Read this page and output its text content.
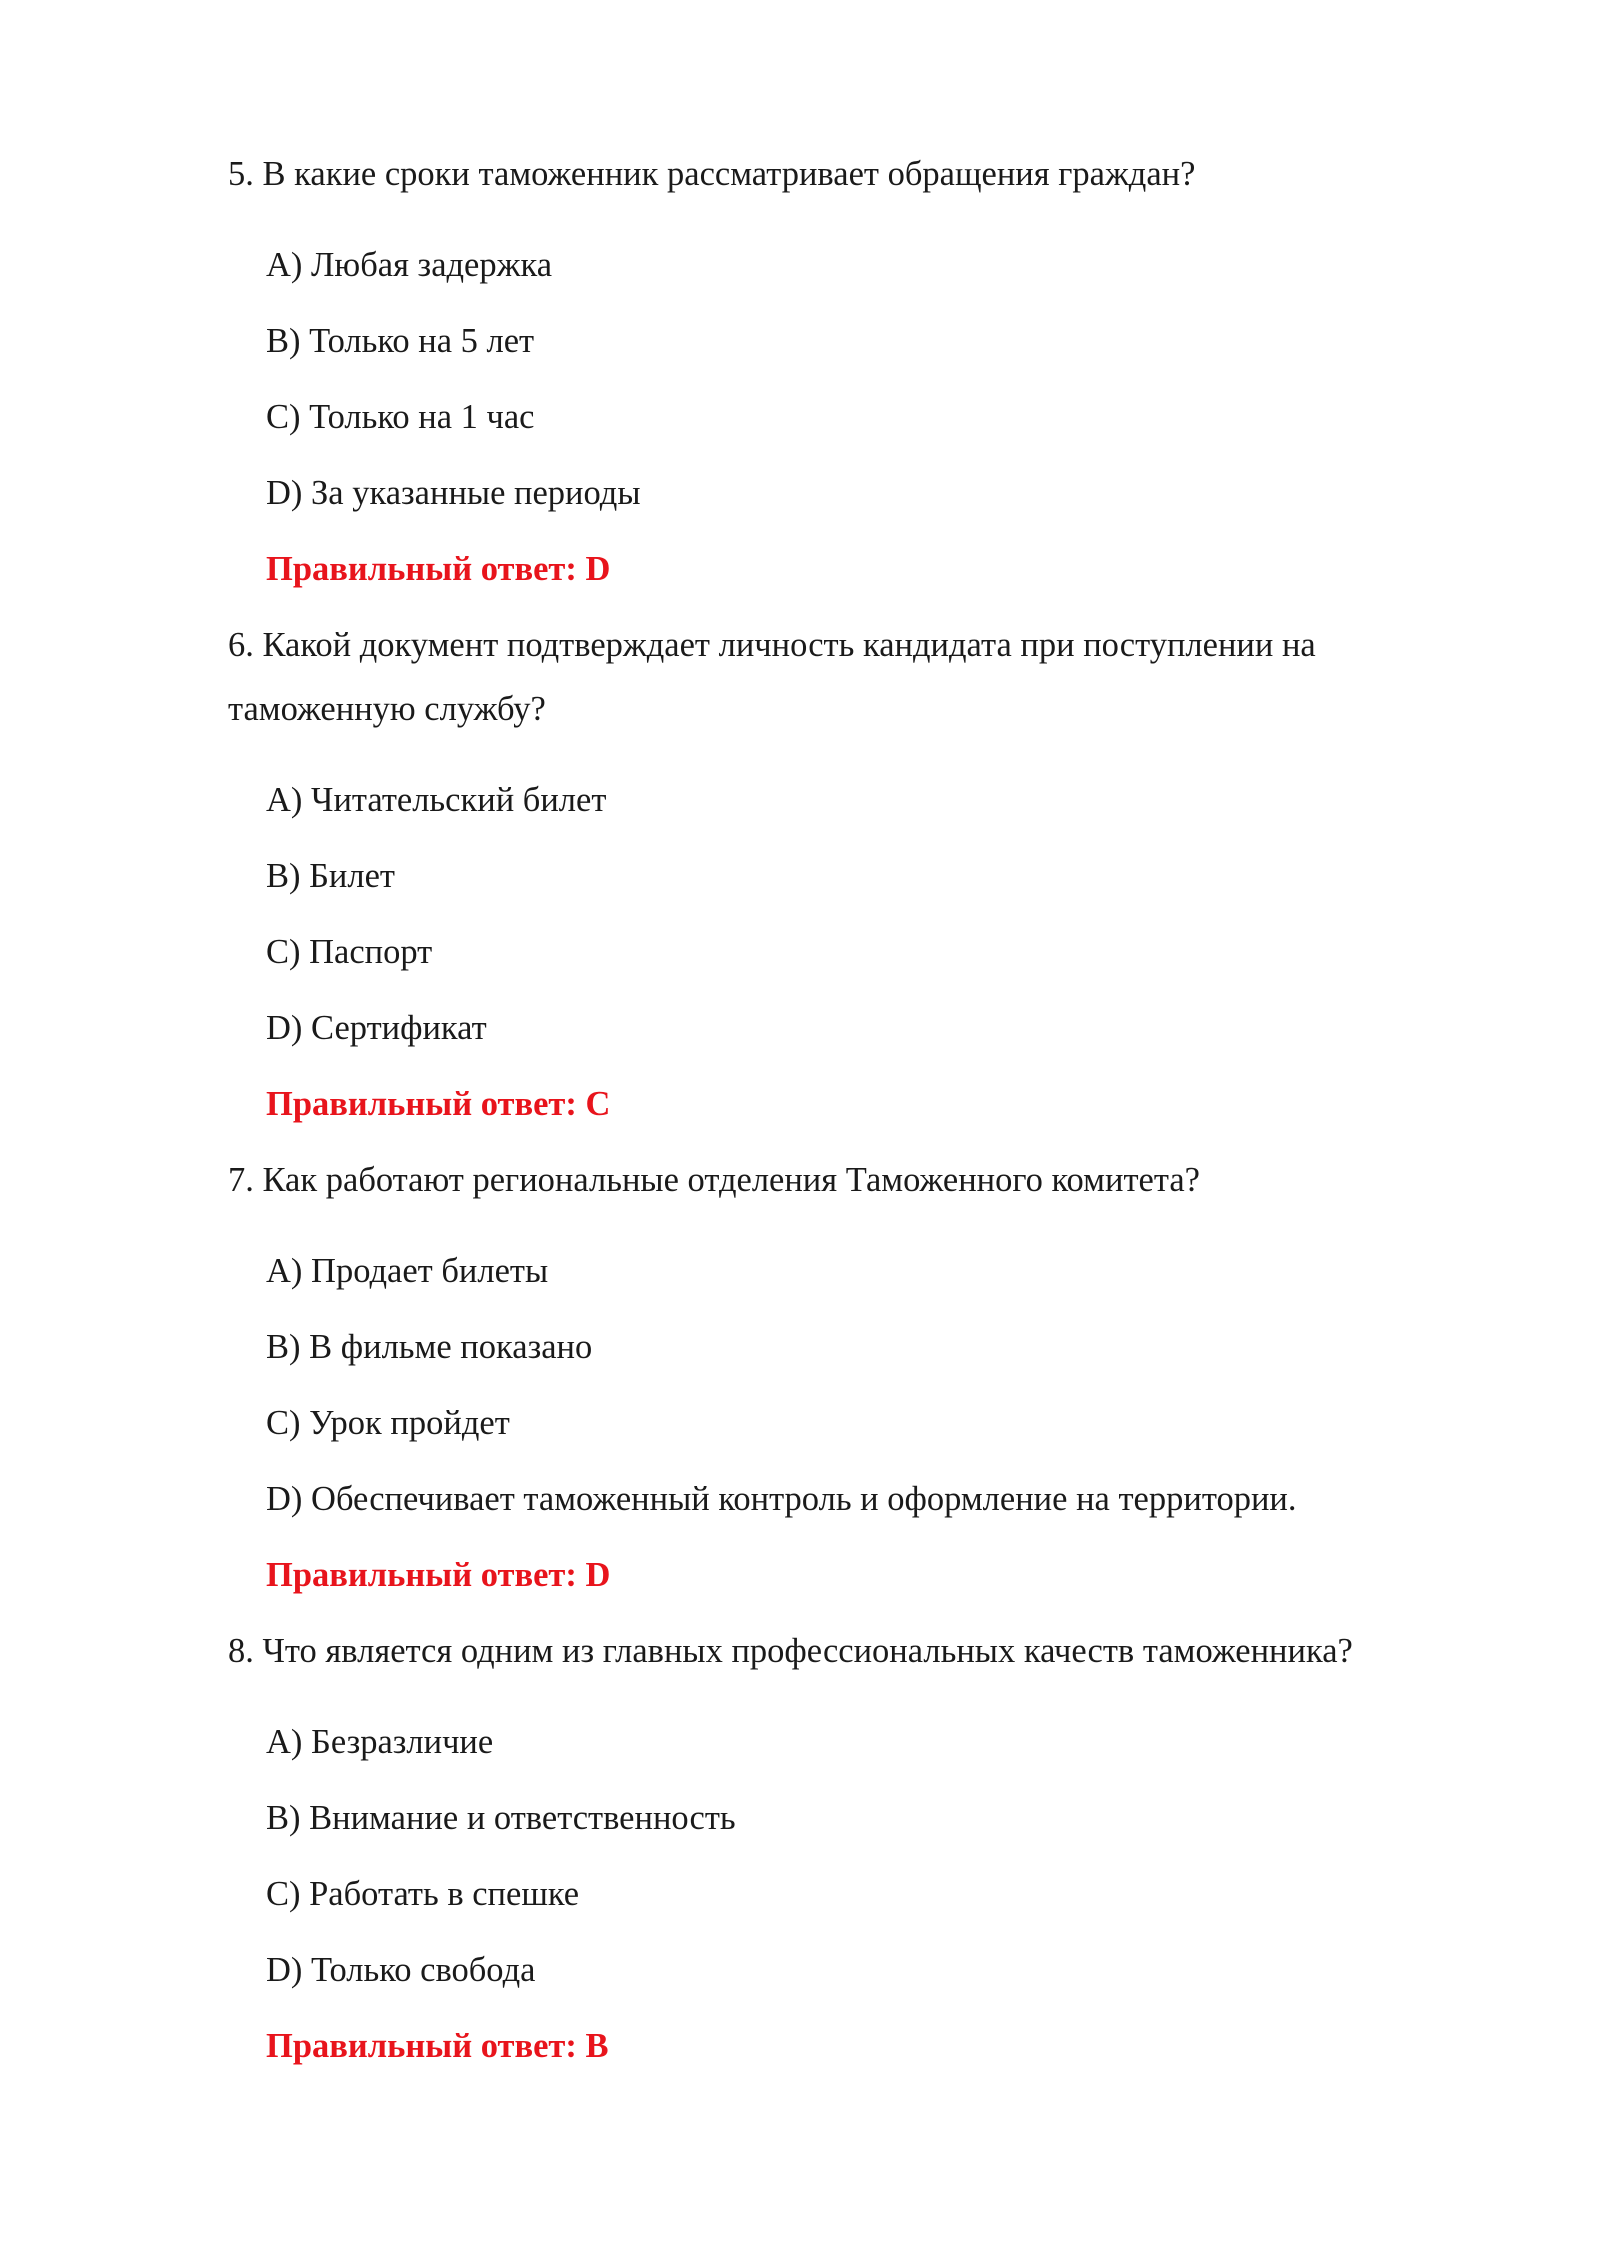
5. В какие сроки таможенник рассматривает обращения граждан?

A) Любая задержка

B) Только на 5 лет

C) Только на 1 час

D) За указанные периоды

Правильный ответ: D

6. Какой документ подтверждает личность кандидата при поступлении на таможенную службу?

A) Читательский билет

B) Билет

C) Паспорт

D) Сертификат

Правильный ответ: C

7. Как работают региональные отделения Таможенного комитета?

A) Продает билеты

B) В фильме показано

C) Урок пройдет

D) Обеспечивает таможенный контроль и оформление на территории.

Правильный ответ: D

8. Что является одним из главных профессиональных качеств таможенника?

A) Безразличие

B) Внимание и ответственность

C) Работать в спешке

D) Только свобода

Правильный ответ: B
